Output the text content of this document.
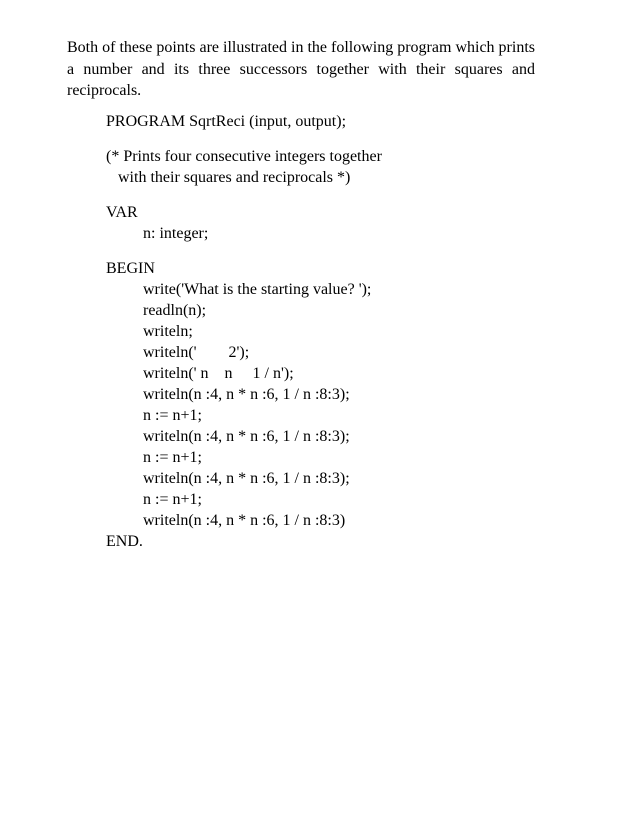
Both of these points are illustrated in the following program which prints
a number and its three successors together with their squares and
reciprocals.
PROGRAM SqrtReci (input, output);
(* Prints four consecutive integers together
with their squares and reciprocals *)
VAR
n: integer;
BEGIN
write('What is the starting value? ');
readln(n);
writeln;
writeln('        2');
writeln(' n    n     1 / n');
writeln(n :4, n * n :6, 1 / n :8:3);
n := n+1;
writeln(n :4, n * n :6, 1 / n :8:3);
n := n+1;
writeln(n :4, n * n :6, 1 / n :8:3);
n := n+1;
writeln(n :4, n * n :6, 1 / n :8:3)
END.
